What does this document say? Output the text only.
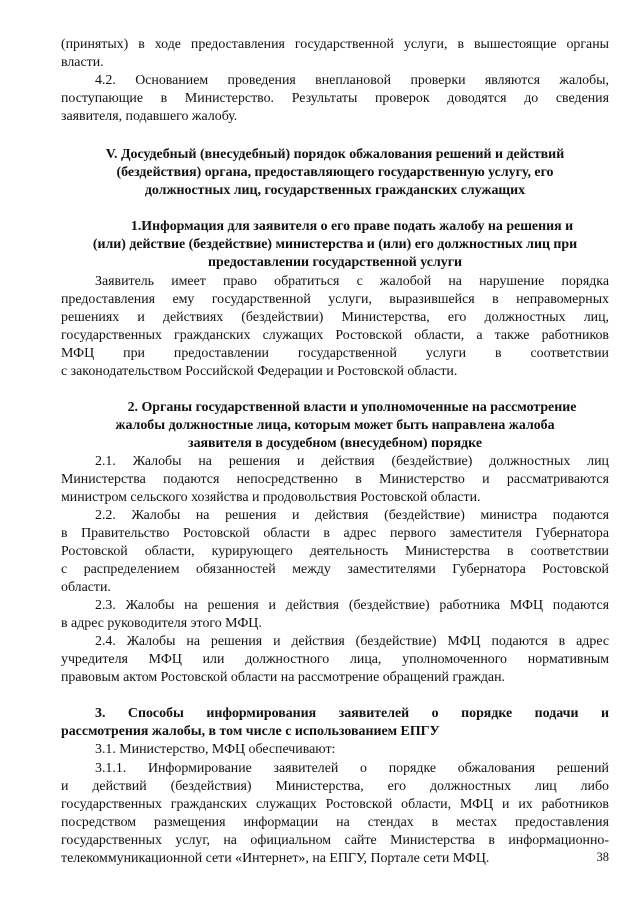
(принятых) в ходе предоставления государственной услуги, в вышестоящие органы
власти.
4.2. Основанием проведения внеплановой проверки являются жалобы,
поступающие в Министерство. Результаты проверок доводятся до сведения
заявителя, подавшего жалобу.
V. Досудебный (внесудебный) порядок обжалования решений и действий
(бездействия) органа, предоставляющего государственную услугу, его
должностных лиц, государственных гражданских служащих
1.Информация для заявителя о его праве подать жалобу на решения и
(или) действие (бездействие) министерства и (или) его должностных лиц при
предоставлении государственной услуги
Заявитель имеет право обратиться с жалобой на нарушение порядка
предоставления ему государственной услуги, выразившейся в неправомерных
решениях и действиях (бездействии) Министерства, его должностных лиц,
государственных гражданских служащих Ростовской области, а также работников
МФЦ при предоставлении государственной услуги в соответствии
с законодательством Российской Федерации и Ростовской области.
2. Органы государственной власти и уполномоченные на рассмотрение
жалобы должностные лица, которым может быть направлена жалоба
заявителя в досудебном (внесудебном) порядке
2.1. Жалобы на решения и действия (бездействие) должностных лиц
Министерства подаются непосредственно в Министерство и рассматриваются
министром сельского хозяйства и продовольствия Ростовской области.
2.2. Жалобы на решения и действия (бездействие) министра подаются
в Правительство Ростовской области в адрес первого заместителя Губернатора
Ростовской области, курирующего деятельность Министерства в соответствии
с распределением обязанностей между заместителями Губернатора Ростовской
области.
2.3. Жалобы на решения и действия (бездействие) работника МФЦ подаются
в адрес руководителя этого МФЦ.
2.4. Жалобы на решения и действия (бездействие) МФЦ подаются в адрес
учредителя МФЦ или должностного лица, уполномоченного нормативным
правовым актом Ростовской области на рассмотрение обращений граждан.
3. Способы информирования заявителей о порядке подачи и
рассмотрения жалобы, в том числе с использованием ЕПГУ
3.1. Министерство, МФЦ обеспечивают:
3.1.1. Информирование заявителей о порядке обжалования решений
и действий (бездействия) Министерства, его должностных лиц либо
государственных гражданских служащих Ростовской области, МФЦ и их работников
посредством размещения информации на стендах в местах предоставления
государственных услуг, на официальном сайте Министерства в информационно-
телекоммуникационной сети «Интернет», на ЕПГУ, Портале сети МФЦ.	38
